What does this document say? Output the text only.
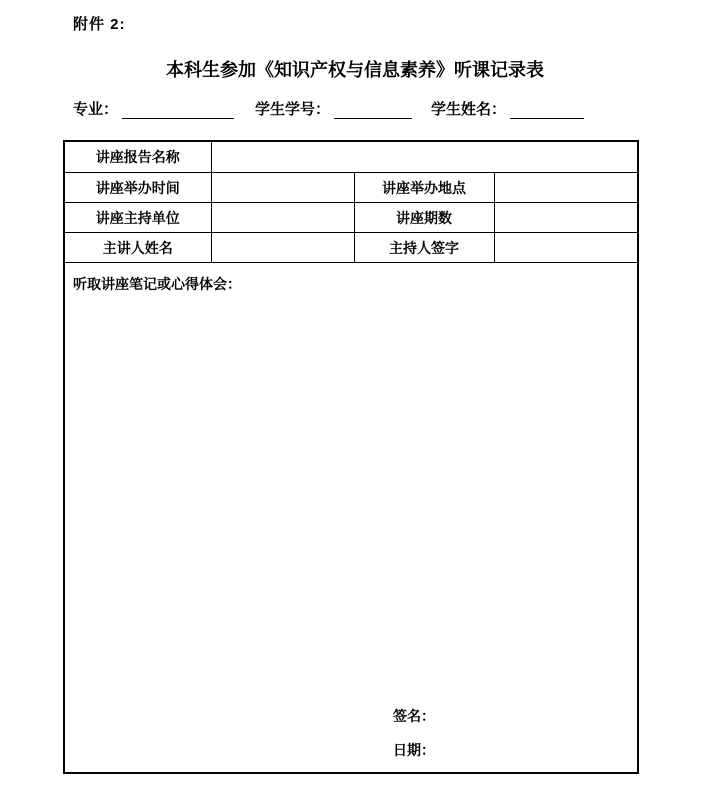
附件 2:
本科生参加《知识产权与信息素养》听课记录表
专业：	学生学号：	学生姓名：
讲座报告名称			
讲座举办时间		讲座举办地点	
讲座主持单位		讲座期数	
主讲人姓名		主持人签字	

听取讲座笔记或心得体会：
签名：
日期：			
